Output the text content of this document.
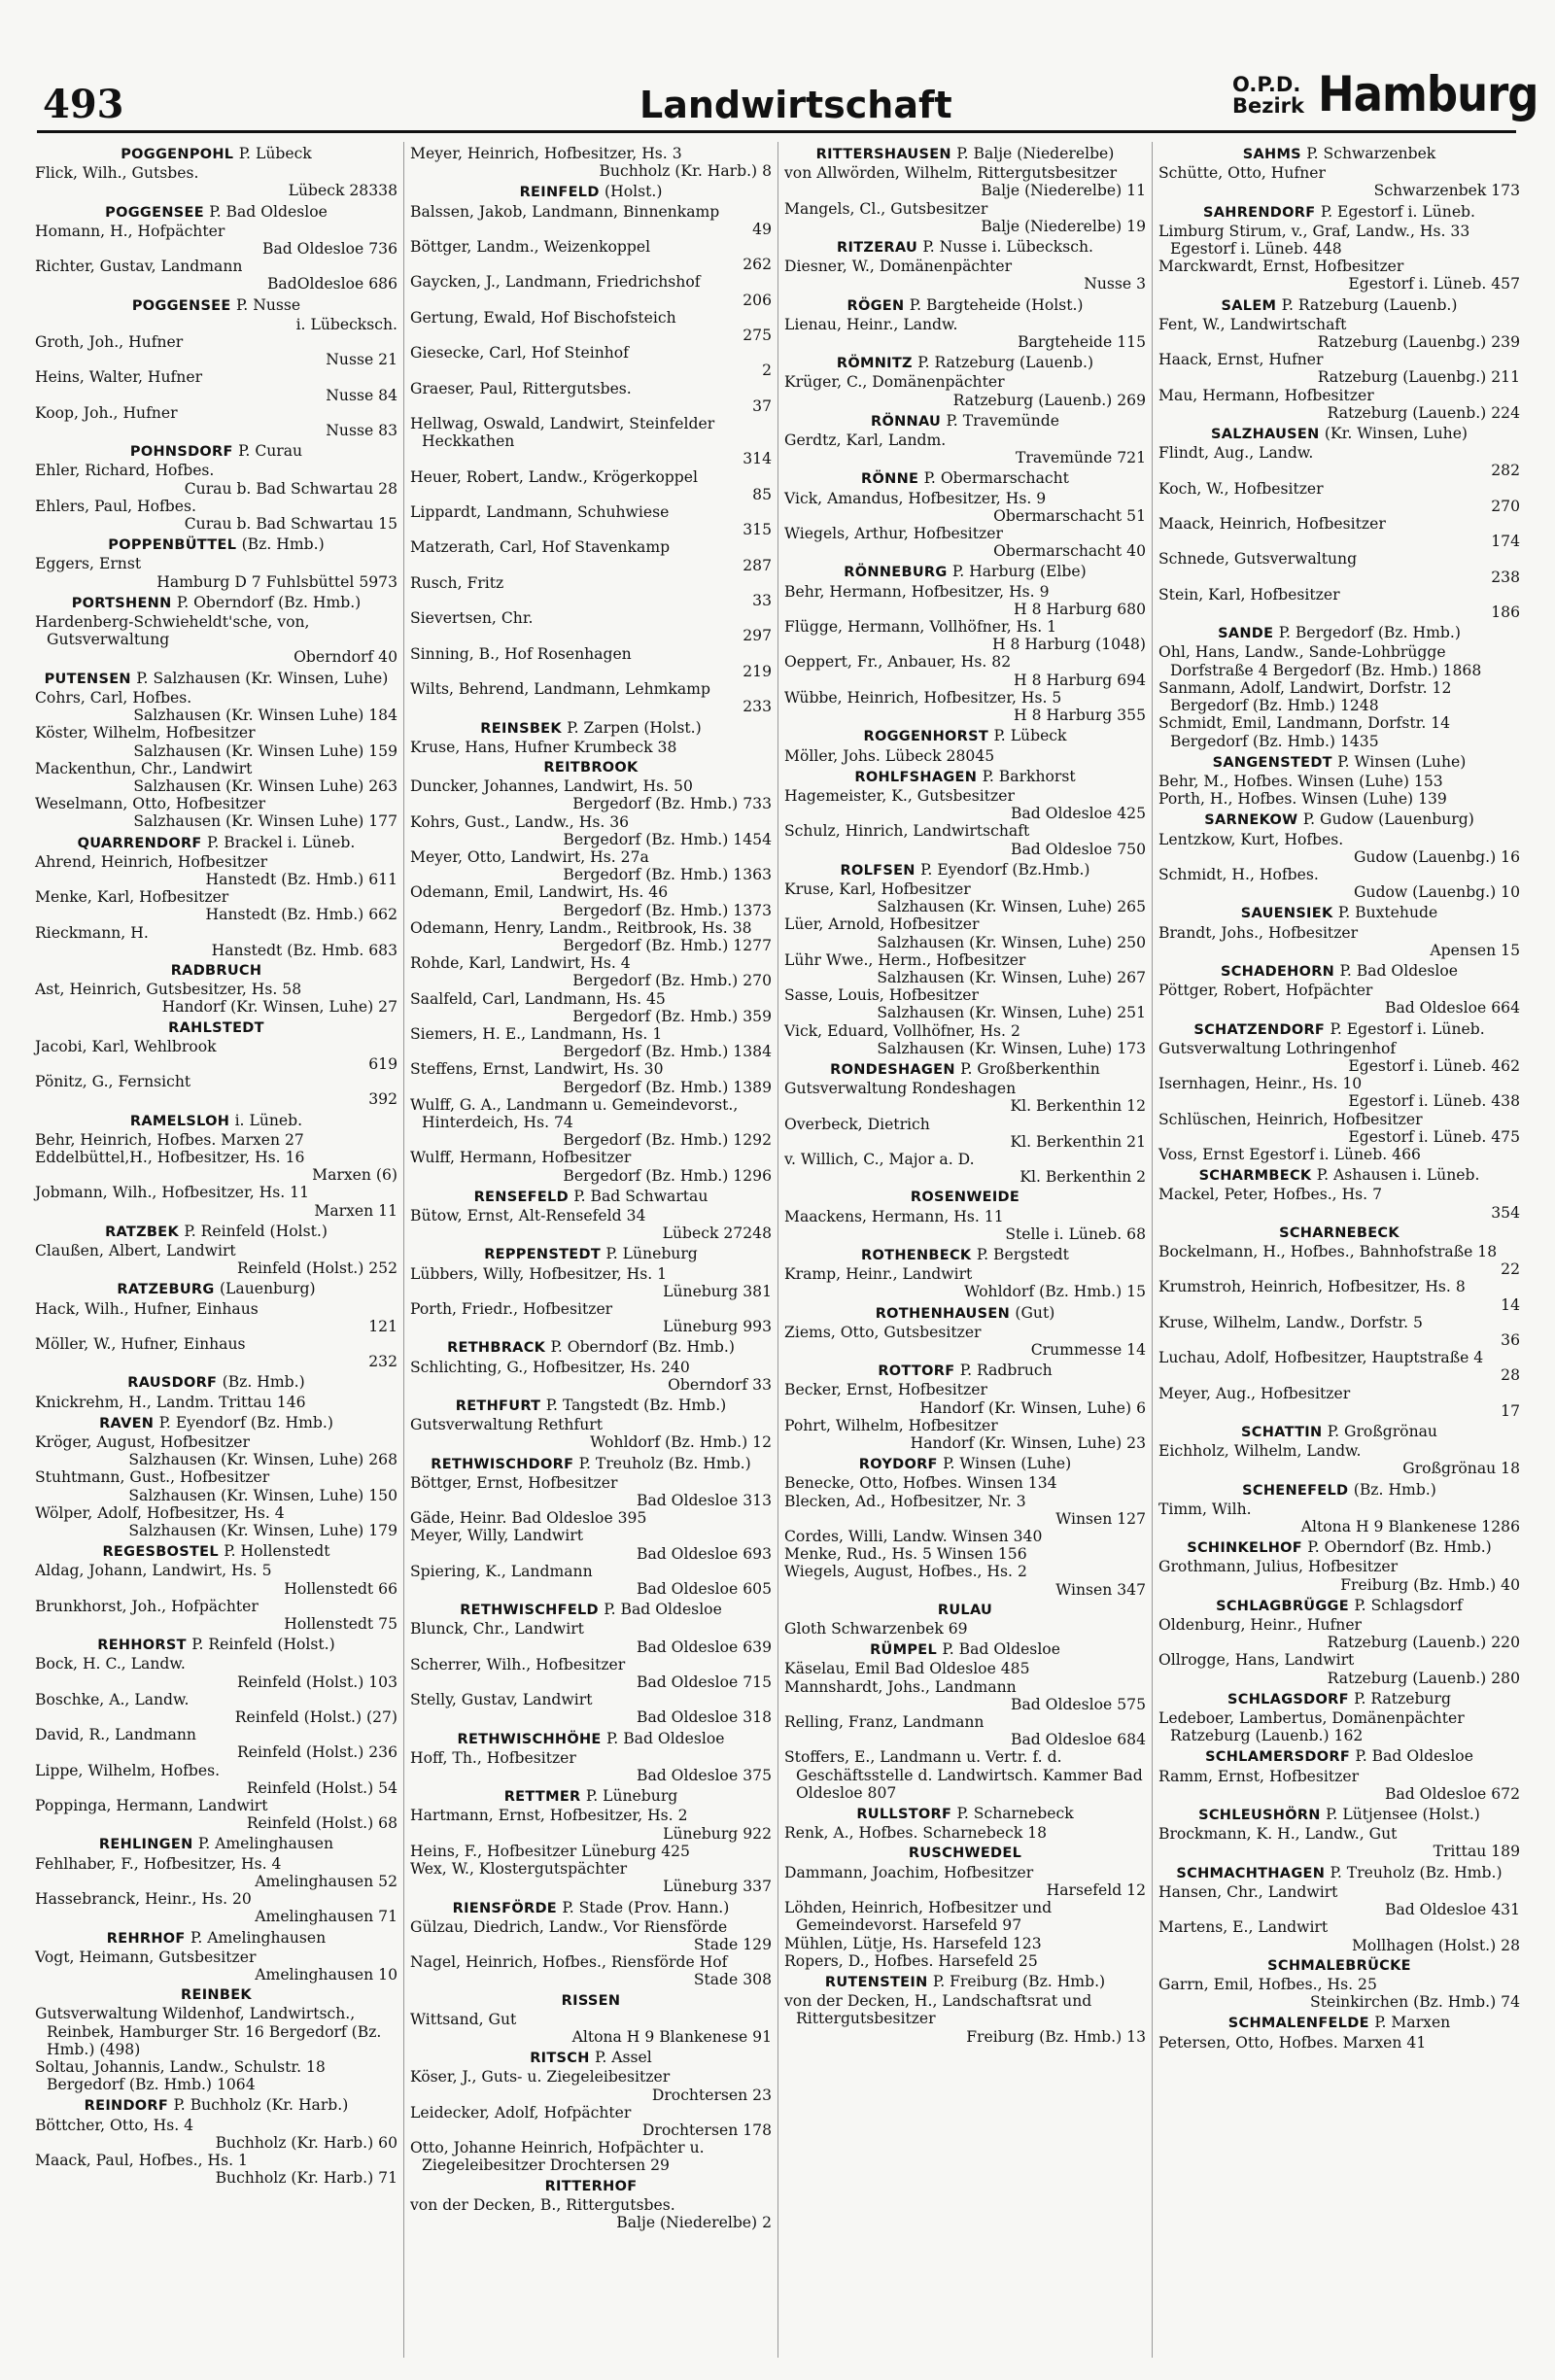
493	Landwirtschaft	O.P.D.
Bezirk Hamburg
POGGENPOHL P. Lübeck
Flick, Wilh., Gutsbes.
Lübeck 28338
POGGENSEE P. Bad Oldesloe
Homann, H., Hofpächter
Bad Oldesloe 736
Richter, Gustav, Landmann
BadOldesloe 686
POGGENSEE P. Nusse
i. Lübecksch.
Groth, Joh., Hufner
Nusse 21
Heins, Walter, Hufner
Nusse 84
Koop, Joh., Hufner
Nusse 83
POHNSDORF P. Curau
Ehler, Richard, Hofbes.
Curau b. Bad Schwartau 28
Ehlers, Paul, Hofbes.
Curau b. Bad Schwartau 15
POPPENBÜTTEL (Bz. Hmb.)
Eggers, Ernst
Hamburg D 7 Fuhlsbüttel 5973
PORTSHENN P. Oberndorf (Bz. Hmb.)
Hardenberg-Schwieheldt'sche, von, Gutsverwaltung
Oberndorf 40
PUTENSEN P. Salzhausen (Kr. Winsen, Luhe)
Cohrs, Carl, Hofbes.
Salzhausen (Kr. Winsen Luhe) 184
Köster, Wilhelm, Hofbesitzer
Salzhausen (Kr. Winsen Luhe) 159
Mackenthun, Chr., Landwirt
Salzhausen (Kr. Winsen Luhe) 263
Weselmann, Otto, Hofbesitzer
Salzhausen (Kr. Winsen Luhe) 177
QUARRENDORF P. Brackel i. Lüneb.
Ahrend, Heinrich, Hofbesitzer
Hanstedt (Bz. Hmb.) 611
Menke, Karl, Hofbesitzer
Hanstedt (Bz. Hmb.) 662
Rieckmann, H.
Hanstedt (Bz. Hmb. 683
RADBRUCH
Ast, Heinrich, Gutsbesitzer, Hs. 58
Handorf (Kr. Winsen, Luhe) 27
RAHLSTEDT
Jacobi, Karl, Wehlbrook
619
Pönitz, G., Fernsicht
392
RAMELSLOH i. Lüneb.
Behr, Heinrich, Hofbes. Marxen 27
Eddelbüttel,H., Hofbesitzer, Hs. 16
Marxen (6)
Jobmann, Wilh., Hofbesitzer, Hs. 11
Marxen 11
RATZBEK P. Reinfeld (Holst.)
Claußen, Albert, Landwirt
Reinfeld (Holst.) 252
RATZEBURG (Lauenburg)
Hack, Wilh., Hufner, Einhaus
121
Möller, W., Hufner, Einhaus
232
RAUSDORF (Bz. Hmb.)
Knickrehm, H., Landm. Trittau 146
RAVEN P. Eyendorf (Bz. Hmb.)
Kröger, August, Hofbesitzer
Salzhausen (Kr. Winsen, Luhe) 268
Stuhtmann, Gust., Hofbesitzer
Salzhausen (Kr. Winsen, Luhe) 150
Wölper, Adolf, Hofbesitzer, Hs. 4
Salzhausen (Kr. Winsen, Luhe) 179
REGESBOSTEL P. Hollenstedt
Aldag, Johann, Landwirt, Hs. 5
Hollenstedt 66
Brunkhorst, Joh., Hofpächter
Hollenstedt 75
REHHORST P. Reinfeld (Holst.)
Bock, H. C., Landw.
Reinfeld (Holst.) 103
Boschke, A., Landw.
Reinfeld (Holst.) (27)
David, R., Landmann
Reinfeld (Holst.) 236
Lippe, Wilhelm, Hofbes.
Reinfeld (Holst.) 54
Poppinga, Hermann, Landwirt
Reinfeld (Holst.) 68
REHLINGEN P. Amelinghausen
Fehlhaber, F., Hofbesitzer, Hs. 4
Amelinghausen 52
Hassebranck, Heinr., Hs. 20
Amelinghausen 71
REHRHOF P. Amelinghausen
Vogt, Heimann, Gutsbesitzer
Amelinghausen 10
REINBEK
Gutsverwaltung Wildenhof, Landwirtsch., Reinbek, Hamburger Str. 16 Bergedorf (Bz. Hmb.) (498)
Soltau, Johannis, Landw., Schulstr. 18 Bergedorf (Bz. Hmb.) 1064
REINDORF P. Buchholz (Kr. Harb.)
Böttcher, Otto, Hs. 4
Buchholz (Kr. Harb.) 60
Maack, Paul, Hofbes., Hs. 1
Buchholz (Kr. Harb.) 71
Meyer, Heinrich, Hofbesitzer, Hs. 3
Buchholz (Kr. Harb.) 8
REINFELD (Holst.)
Balssen, Jakob, Landmann, Binnenkamp
49
Böttger, Landm., Weizenkoppel
262
Gaycken, J., Landmann, Friedrichshof
206
Gertung, Ewald, Hof Bischofsteich
275
Giesecke, Carl, Hof Steinhof
2
Graeser, Paul, Rittergutsbes.
37
Hellwag, Oswald, Landwirt, Steinfelder Heckkathen
314
Heuer, Robert, Landw., Krögerkoppel
85
Lippardt, Landmann, Schuhwiese
315
Matzerath, Carl, Hof Stavenkamp
287
Rusch, Fritz
33
Sievertsen, Chr.
297
Sinning, B., Hof Rosenhagen
219
Wilts, Behrend, Landmann, Lehmkamp
233
REINSBEK P. Zarpen (Holst.)
Kruse, Hans, Hufner Krumbeck 38
REITBROOK
Duncker, Johannes, Landwirt, Hs. 50
Bergedorf (Bz. Hmb.) 733
Kohrs, Gust., Landw., Hs. 36
Bergedorf (Bz. Hmb.) 1454
Meyer, Otto, Landwirt, Hs. 27a
Bergedorf (Bz. Hmb.) 1363
Odemann, Emil, Landwirt, Hs. 46
Bergedorf (Bz. Hmb.) 1373
Odemann, Henry, Landm., Reitbrook, Hs. 38
Bergedorf (Bz. Hmb.) 1277
Rohde, Karl, Landwirt, Hs. 4
Bergedorf (Bz. Hmb.) 270
Saalfeld, Carl, Landmann, Hs. 45
Bergedorf (Bz. Hmb.) 359
Siemers, H. E., Landmann, Hs. 1
Bergedorf (Bz. Hmb.) 1384
Steffens, Ernst, Landwirt, Hs. 30
Bergedorf (Bz. Hmb.) 1389
Wulff, G. A., Landmann u. Gemeindevorst., Hinterdeich, Hs. 74
Bergedorf (Bz. Hmb.) 1292
Wulff, Hermann, Hofbesitzer
Bergedorf (Bz. Hmb.) 1296
RENSEFELD P. Bad Schwartau
Bütow, Ernst, Alt-Rensefeld 34
Lübeck 27248
REPPENSTEDT P. Lüneburg
Lübbers, Willy, Hofbesitzer, Hs. 1
Lüneburg 381
Porth, Friedr., Hofbesitzer
Lüneburg 993
RETHBRACK P. Oberndorf (Bz. Hmb.)
Schlichting, G., Hofbesitzer, Hs. 240
Oberndorf 33
RETHFURT P. Tangstedt (Bz. Hmb.)
Gutsverwaltung Rethfurt
Wohldorf (Bz. Hmb.) 12
RETHWISCHDORF P. Treuholz (Bz. Hmb.)
Böttger, Ernst, Hofbesitzer
Bad Oldesloe 313
Gäde, Heinr. Bad Oldesloe 395
Meyer, Willy, Landwirt
Bad Oldesloe 693
Spiering, K., Landmann
Bad Oldesloe 605
RETHWISCHFELD P. Bad Oldesloe
Blunck, Chr., Landwirt
Bad Oldesloe 639
Scherrer, Wilh., Hofbesitzer
Bad Oldesloe 715
Stelly, Gustav, Landwirt
Bad Oldesloe 318
RETHWISCHHÖHE P. Bad Oldesloe
Hoff, Th., Hofbesitzer
Bad Oldesloe 375
RETTMER P. Lüneburg
Hartmann, Ernst, Hofbesitzer, Hs. 2
Lüneburg 922
Heins, F., Hofbesitzer Lüneburg 425
Wex, W., Klostergutspächter
Lüneburg 337
RIENSFÖRDE P. Stade (Prov. Hann.)
Gülzau, Diedrich, Landw., Vor Riensförde
Stade 129
Nagel, Heinrich, Hofbes., Riensförde Hof
Stade 308
RISSEN
Wittsand, Gut
Altona H 9 Blankenese 91
RITSCH P. Assel
Köser, J., Guts- u. Ziegeleibesitzer
Drochtersen 23
Leidecker, Adolf, Hofpächter
Drochtersen 178
Otto, Johanne Heinrich, Hofpächter u. Ziegeleibesitzer Drochtersen 29
RITTERHOF
von der Decken, B., Rittergutsbes.
Balje (Niederelbe) 2
RITTERSHAUSEN P. Balje (Niederelbe)
von Allwörden, Wilhelm, Rittergutsbesitzer
Balje (Niederelbe) 11
Mangels, Cl., Gutsbesitzer
Balje (Niederelbe) 19
RITZERAU P. Nusse i. Lübecksch.
Diesner, W., Domänenpächter
Nusse 3
RÖGEN P. Bargteheide (Holst.)
Lienau, Heinr., Landw.
Bargteheide 115
RÖMNITZ P. Ratzeburg (Lauenb.)
Krüger, C., Domänenpächter
Ratzeburg (Lauenb.) 269
RÖNNAU P. Travemünde
Gerdtz, Karl, Landm.
Travemünde 721
RÖNNE P. Obermarschacht
Vick, Amandus, Hofbesitzer, Hs. 9
Obermarschacht 51
Wiegels, Arthur, Hofbesitzer
Obermarschacht 40
RÖNNEBURG P. Harburg (Elbe)
Behr, Hermann, Hofbesitzer, Hs. 9
H 8 Harburg 680
Flügge, Hermann, Vollhöfner, Hs. 1
H 8 Harburg (1048)
Oeppert, Fr., Anbauer, Hs. 82
H 8 Harburg 694
Wübbe, Heinrich, Hofbesitzer, Hs. 5
H 8 Harburg 355
ROGGENHORST P. Lübeck
Möller, Johs. Lübeck 28045
ROHLFSHAGEN P. Barkhorst
Hagemeister, K., Gutsbesitzer
Bad Oldesloe 425
Schulz, Hinrich, Landwirtschaft
Bad Oldesloe 750
ROLFSEN P. Eyendorf (Bz.Hmb.)
Kruse, Karl, Hofbesitzer
Salzhausen (Kr. Winsen, Luhe) 265
Lüer, Arnold, Hofbesitzer
Salzhausen (Kr. Winsen, Luhe) 250
Lühr Wwe., Herm., Hofbesitzer
Salzhausen (Kr. Winsen, Luhe) 267
Sasse, Louis, Hofbesitzer
Salzhausen (Kr. Winsen, Luhe) 251
Vick, Eduard, Vollhöfner, Hs. 2
Salzhausen (Kr. Winsen, Luhe) 173
RONDESHAGEN P. Großberkenthin
Gutsverwaltung Rondeshagen
Kl. Berkenthin 12
Overbeck, Dietrich
Kl. Berkenthin 21
v. Willich, C., Major a. D.
Kl. Berkenthin 2
ROSENWEIDE
Maackens, Hermann, Hs. 11
Stelle i. Lüneb. 68
ROTHENBECK P. Bergstedt
Kramp, Heinr., Landwirt
Wohldorf (Bz. Hmb.) 15
ROTHENHAUSEN (Gut)
Ziems, Otto, Gutsbesitzer
Crummesse 14
ROTTORF P. Radbruch
Becker, Ernst, Hofbesitzer
Handorf (Kr. Winsen, Luhe) 6
Pohrt, Wilhelm, Hofbesitzer
Handorf (Kr. Winsen, Luhe) 23
ROYDORF P. Winsen (Luhe)
Benecke, Otto, Hofbes. Winsen 134
Blecken, Ad., Hofbesitzer, Nr. 3
Winsen 127
Cordes, Willi, Landw. Winsen 340
Menke, Rud., Hs. 5 Winsen 156
Wiegels, August, Hofbes., Hs. 2
Winsen 347
RULAU
Gloth Schwarzenbek 69
RÜMPEL P. Bad Oldesloe
Käselau, Emil Bad Oldesloe 485
Mannshardt, Johs., Landmann
Bad Oldesloe 575
Relling, Franz, Landmann
Bad Oldesloe 684
Stoffers, E., Landmann u. Vertr. f. d. Geschäftsstelle d. Landwirtsch. Kammer Bad Oldesloe 807
RULLSTORF P. Scharnebeck
Renk, A., Hofbes. Scharnebeck 18
RUSCHWEDEL
Dammann, Joachim, Hofbesitzer
Harsefeld 12
Löhden, Heinrich, Hofbesitzer und Gemeindevorst. Harsefeld 97
Mühlen, Lütje, Hs. Harsefeld 123
Ropers, D., Hofbes. Harsefeld 25
RUTENSTEIN P. Freiburg (Bz. Hmb.)
von der Decken, H., Landschaftsrat und Rittergutsbesitzer
Freiburg (Bz. Hmb.) 13
SAHMS P. Schwarzenbek
Schütte, Otto, Hufner
Schwarzenbek 173
SAHRENDORF P. Egestorf i. Lüneb.
Limburg Stirum, v., Graf, Landw., Hs. 33 Egestorf i. Lüneb. 448
Marckwardt, Ernst, Hofbesitzer
Egestorf i. Lüneb. 457
SALEM P. Ratzeburg (Lauenb.)
Fent, W., Landwirtschaft
Ratzeburg (Lauenbg.) 239
Haack, Ernst, Hufner
Ratzeburg (Lauenbg.) 211
Mau, Hermann, Hofbesitzer
Ratzeburg (Lauenb.) 224
SALZHAUSEN (Kr. Winsen, Luhe)
Flindt, Aug., Landw.
282
Koch, W., Hofbesitzer
270
Maack, Heinrich, Hofbesitzer
174
Schnede, Gutsverwaltung
238
Stein, Karl, Hofbesitzer
186
SANDE P. Bergedorf (Bz. Hmb.)
Ohl, Hans, Landw., Sande-Lohbrügge Dorfstraße 4 Bergedorf (Bz. Hmb.) 1868
Sanmann, Adolf, Landwirt, Dorfstr. 12 Bergedorf (Bz. Hmb.) 1248
Schmidt, Emil, Landmann, Dorfstr. 14 Bergedorf (Bz. Hmb.) 1435
SANGENSTEDT P. Winsen (Luhe)
Behr, M., Hofbes. Winsen (Luhe) 153
Porth, H., Hofbes. Winsen (Luhe) 139
SARNEKOW P. Gudow (Lauenburg)
Lentzkow, Kurt, Hofbes.
Gudow (Lauenbg.) 16
Schmidt, H., Hofbes.
Gudow (Lauenbg.) 10
SAUENSIEK P. Buxtehude
Brandt, Johs., Hofbesitzer
Apensen 15
SCHADEHORN P. Bad Oldesloe
Pöttger, Robert, Hofpächter
Bad Oldesloe 664
SCHATZENDORF P. Egestorf i. Lüneb.
Gutsverwaltung Lothringenhof
Egestorf i. Lüneb. 462
Isernhagen, Heinr., Hs. 10
Egestorf i. Lüneb. 438
Schlüschen, Heinrich, Hofbesitzer
Egestorf i. Lüneb. 475
Voss, Ernst Egestorf i. Lüneb. 466
SCHARMBECK P. Ashausen i. Lüneb.
Mackel, Peter, Hofbes., Hs. 7
354
SCHARNEBECK
Bockelmann, H., Hofbes., Bahnhofstraße 18
22
Krumstroh, Heinrich, Hofbesitzer, Hs. 8
14
Kruse, Wilhelm, Landw., Dorfstr. 5
36
Luchau, Adolf, Hofbesitzer, Hauptstraße 4
28
Meyer, Aug., Hofbesitzer
17
SCHATTIN P. Großgrönau
Eichholz, Wilhelm, Landw.
Großgrönau 18
SCHENEFELD (Bz. Hmb.)
Timm, Wilh.
Altona H 9 Blankenese 1286
SCHINKELHOF P. Oberndorf (Bz. Hmb.)
Grothmann, Julius, Hofbesitzer
Freiburg (Bz. Hmb.) 40
SCHLAGBRÜGGE P. Schlagsdorf
Oldenburg, Heinr., Hufner
Ratzeburg (Lauenb.) 220
Ollrogge, Hans, Landwirt
Ratzeburg (Lauenb.) 280
SCHLAGSDORF P. Ratzeburg
Ledeboer, Lambertus, Domänenpächter Ratzeburg (Lauenb.) 162
SCHLAMERSDORF P. Bad Oldesloe
Ramm, Ernst, Hofbesitzer
Bad Oldesloe 672
SCHLEUSHÖRN P. Lütjensee (Holst.)
Brockmann, K. H., Landw., Gut
Trittau 189
SCHMACHTHAGEN P. Treuholz (Bz. Hmb.)
Hansen, Chr., Landwirt
Bad Oldesloe 431
Martens, E., Landwirt
Mollhagen (Holst.) 28
SCHMALEBRÜCKE
Garrn, Emil, Hofbes., Hs. 25
Steinkirchen (Bz. Hmb.) 74
SCHMALENFELDE P. Marxen
Petersen, Otto, Hofbes. Marxen 41
